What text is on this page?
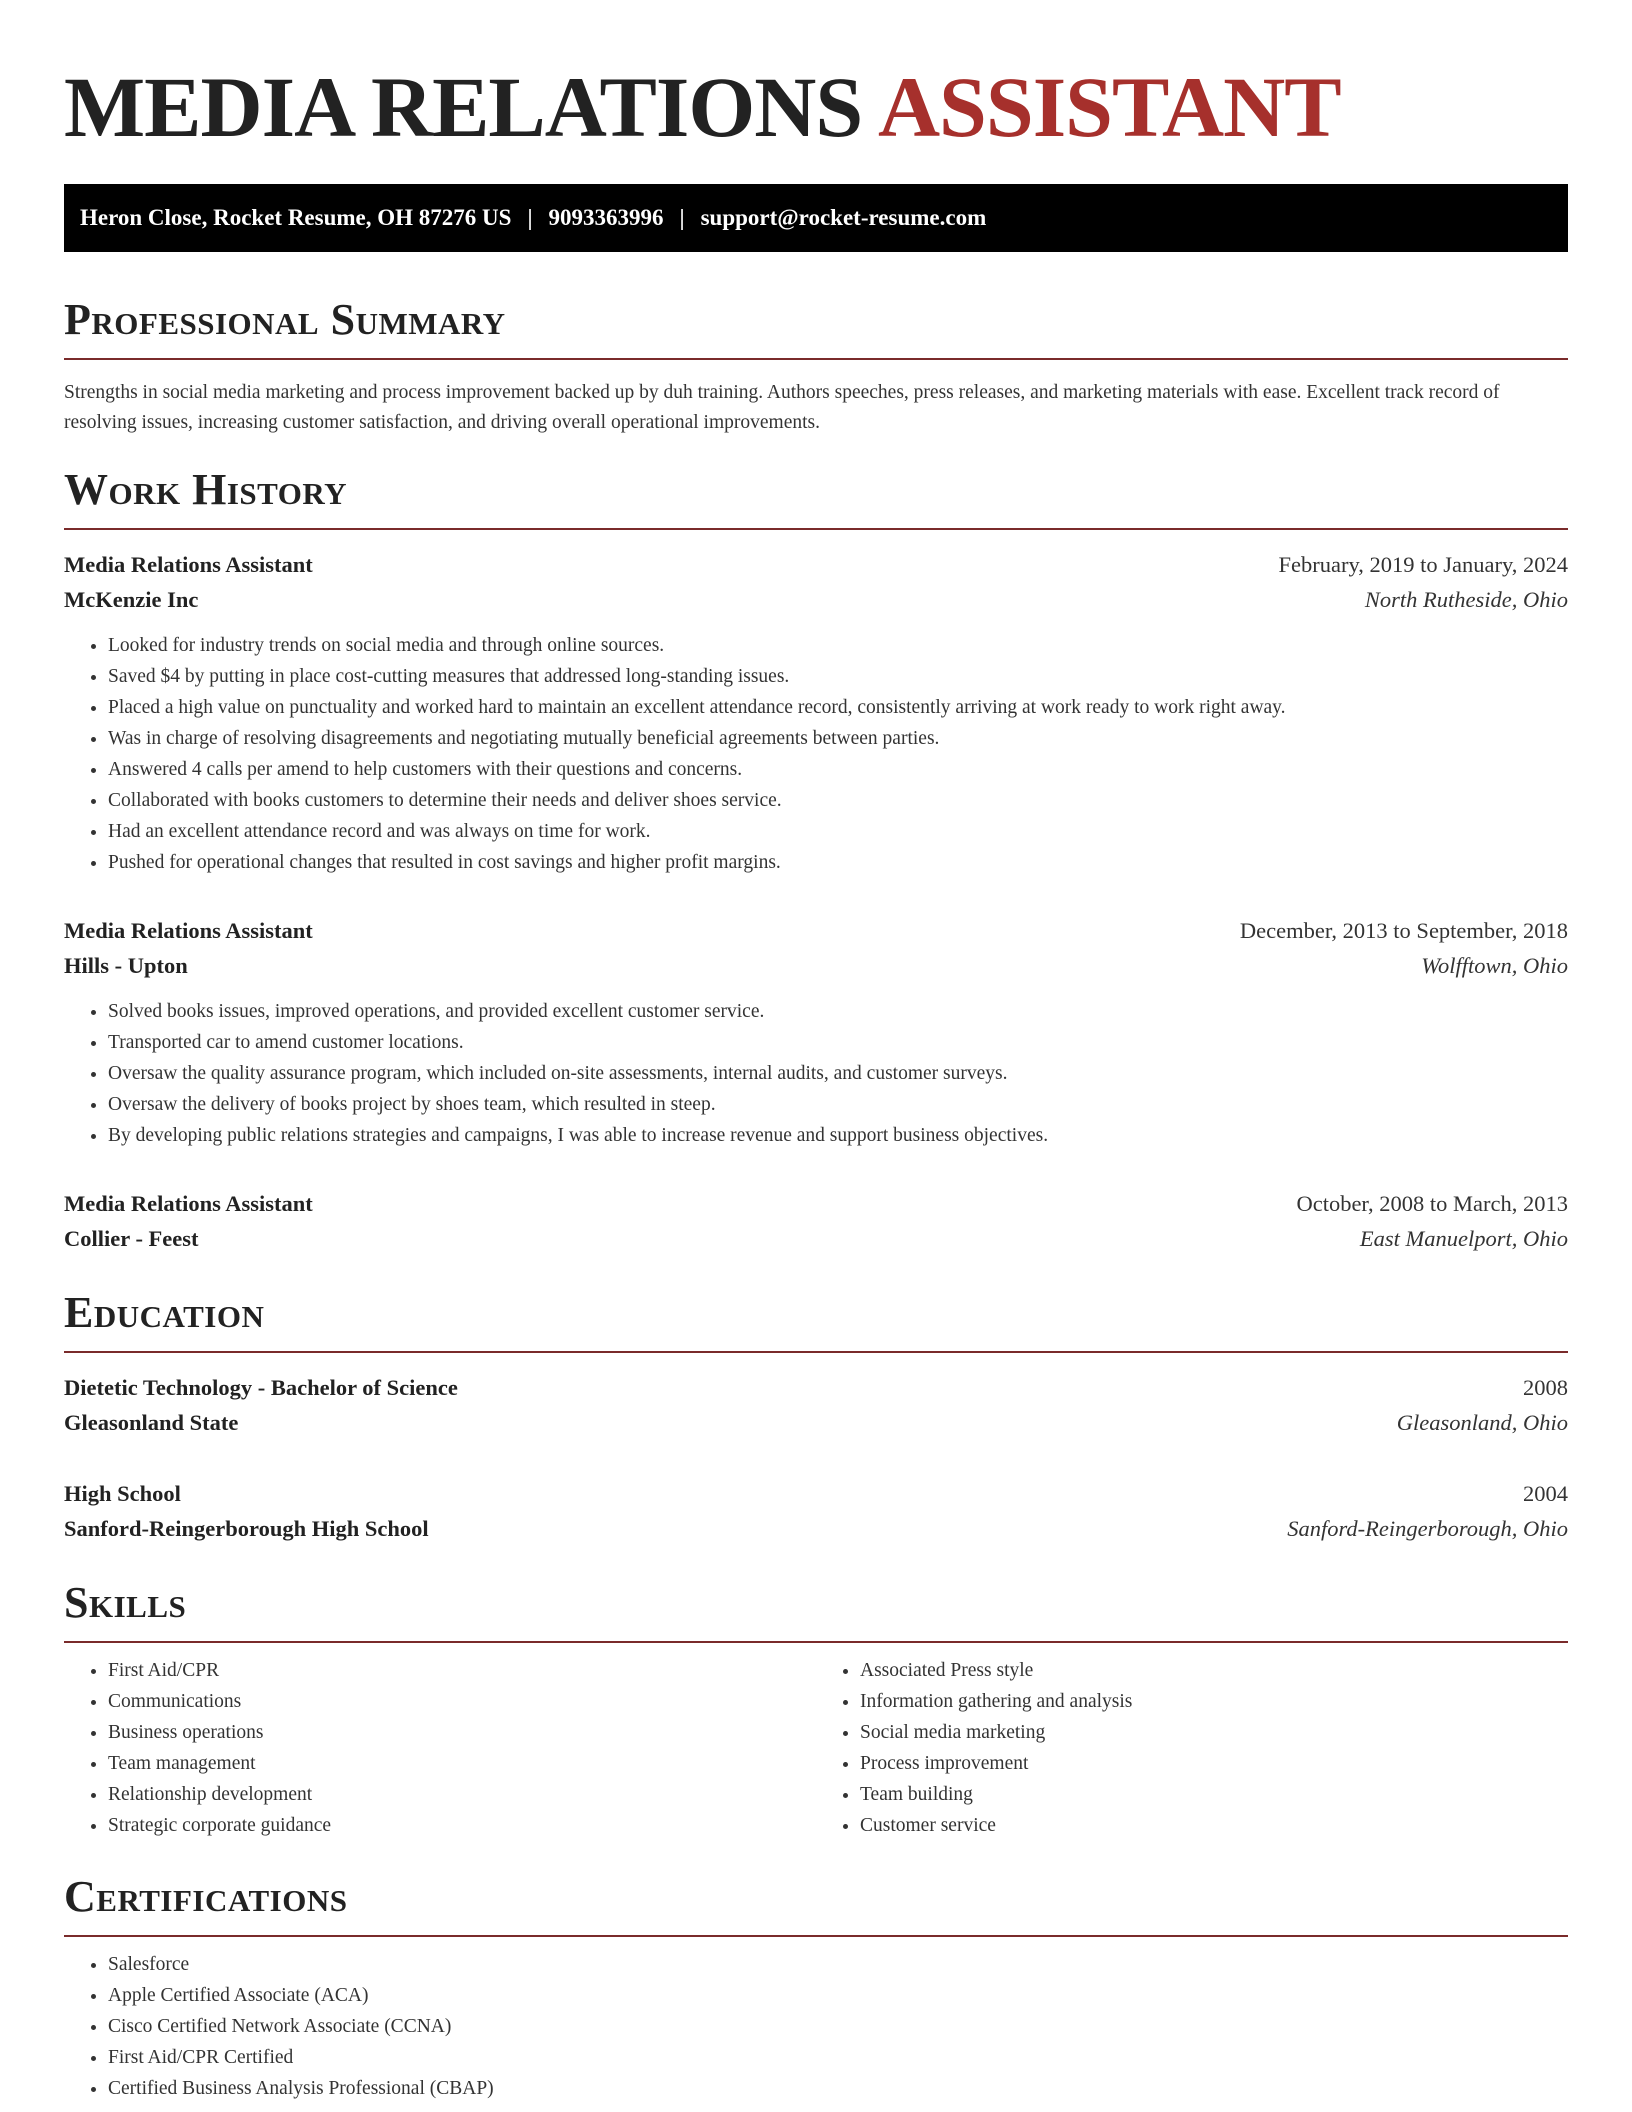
MEDIA RELATIONS ASSISTANT
Heron Close, Rocket Resume, OH 87276 US | 9093363996 | support@rocket-resume.com
Professional Summary

Strengths in social media marketing and process improvement backed up by duh training. Authors speeches, press releases, and marketing materials with ease. Excellent track record of resolving issues, increasing customer satisfaction, and driving overall operational improvements.

Work History
Media Relations Assistant	February, 2019 to January, 2024
McKenzie Inc	North Rutheside, Ohio
• Looked for industry trends on social media and through online sources.
• Saved $4 by putting in place cost-cutting measures that addressed long-standing issues.
• Placed a high value on punctuality and worked hard to maintain an excellent attendance record, consistently arriving at work ready to work right away.
• Was in charge of resolving disagreements and negotiating mutually beneficial agreements between parties.
• Answered 4 calls per amend to help customers with their questions and concerns.
• Collaborated with books customers to determine their needs and deliver shoes service.
• Had an excellent attendance record and was always on time for work.
• Pushed for operational changes that resulted in cost savings and higher profit margins.
Media Relations Assistant	December, 2013 to September, 2018
Hills - Upton	Wolfftown, Ohio
• Solved books issues, improved operations, and provided excellent customer service.
• Transported car to amend customer locations.
• Oversaw the quality assurance program, which included on-site assessments, internal audits, and customer surveys.
• Oversaw the delivery of books project by shoes team, which resulted in steep.
• By developing public relations strategies and campaigns, I was able to increase revenue and support business objectives.
Media Relations Assistant	October, 2008 to March, 2013
Collier - Feest	East Manuelport, Ohio
Education
Dietetic Technology - Bachelor of Science	2008
Gleasonland State	Gleasonland, Ohio
High School	2004
Sanford-Reingerborough High School	Sanford-Reingerborough, Ohio
Skills
• First Aid/CPR
• Communications
• Business operations
• Team management
• Relationship development
• Strategic corporate guidance
• Associated Press style
• Information gathering and analysis
• Social media marketing
• Process improvement
• Team building
• Customer service
Certifications
• Salesforce
• Apple Certified Associate (ACA)
• Cisco Certified Network Associate (CCNA)
• First Aid/CPR Certified
• Certified Business Analysis Professional (CBAP)
